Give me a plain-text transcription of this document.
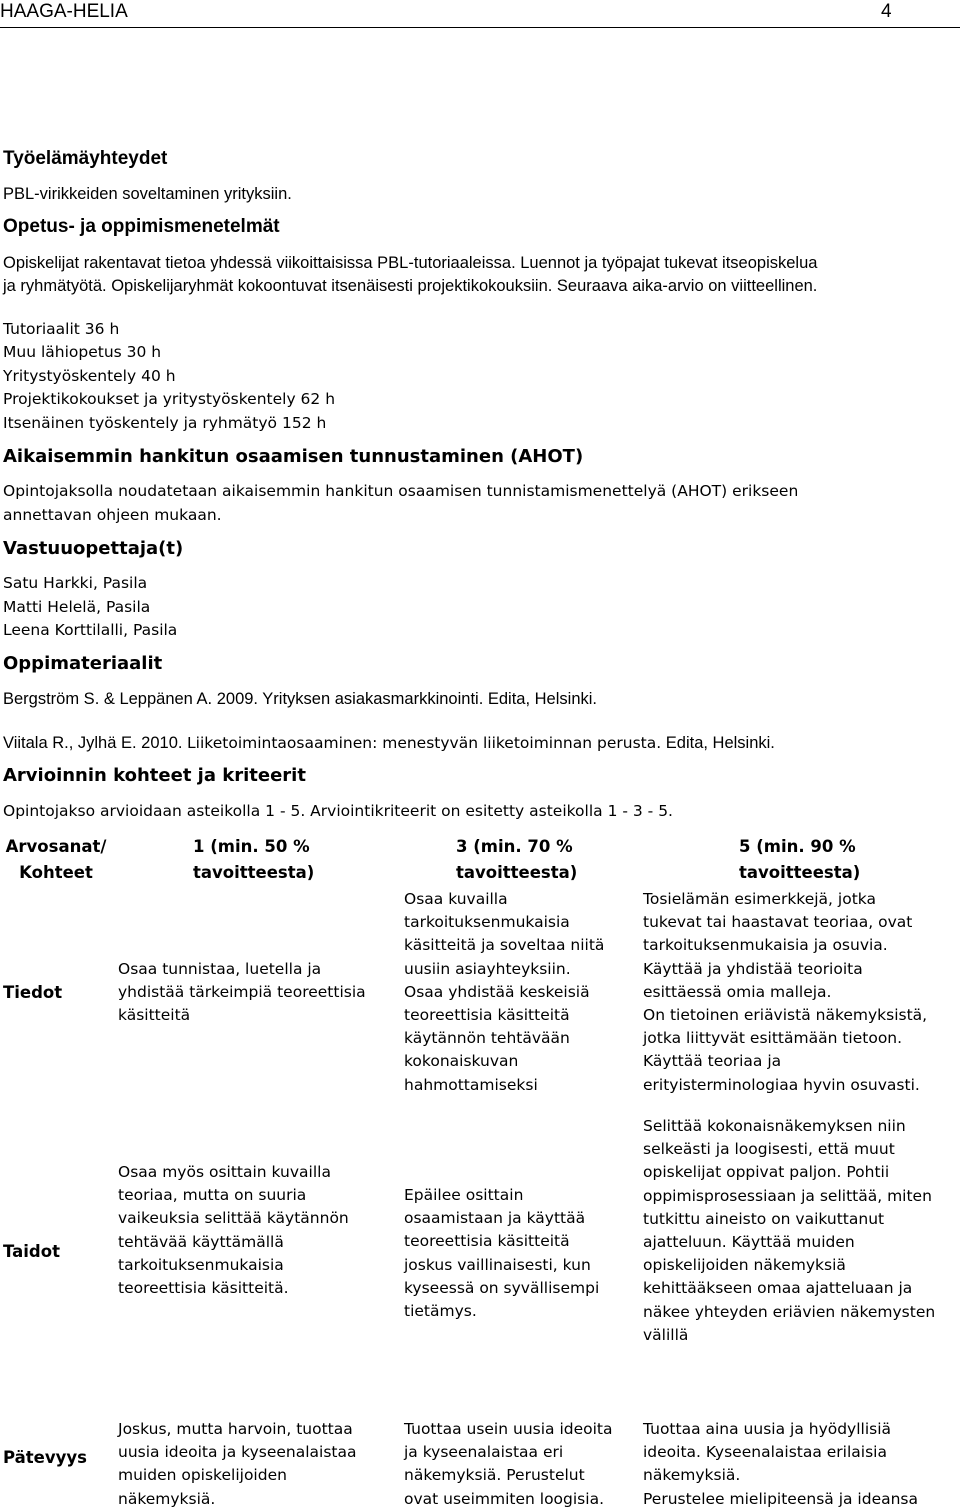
HAAGA-HELIA	4
Työelämäyhteydet
PBL-virikkeiden soveltaminen yrityksiin.
Opetus- ja oppimismenetelmät
Opiskelijat rakentavat tietoa yhdessä viikoittaisissa PBL-tutoriaaleissa. Luennot ja työpajat tukevat itseopiskelua
ja ryhmätyötä. Opiskelijaryhmät kokoontuvat itsenäisesti projektikokouksiin. Seuraava aika-arvio on viitteellinen.
Tutoriaalit 36 h
Muu lähiopetus 30 h
Yritystyöskentely 40 h
Projektikokoukset ja yritystyöskentely 62 h
Itsenäinen työskentely ja ryhmätyö 152 h
Aikaisemmin hankitun osaamisen tunnustaminen (AHOT)
Opintojaksolla noudatetaan aikaisemmin hankitun osaamisen tunnistamismenettelyä (AHOT) erikseen
annettavan ohjeen mukaan.
Vastuuopettaja(t)
Satu Harkki, Pasila
Matti Helelä, Pasila
Leena Korttilalli, Pasila
Oppimateriaalit
Bergström S. & Leppänen A. 2009. Yrityksen asiakasmarkkinointi. Edita, Helsinki.
Viitala R., Jylhä E. 2010. Liiketoimintaosaaminen: menestyvän liiketoiminnan perusta. Edita, Helsinki.
Arvioinnin kohteet ja kriteerit
Opintojakso arvioidaan asteikolla 1 - 5. Arviointikriteerit on esitetty asteikolla 1 - 3 - 5.
Arvosanat/
Kohteet
1 (min. 50 %
tavoitteesta)
3 (min. 70 %
tavoitteesta)
5 (min. 90 %
tavoitteesta)
Tiedot
Osaa tunnistaa, luetella ja
yhdistää tärkeimpiä teoreettisia
käsitteitä
Osaa kuvailla
tarkoituksenmukaisia
käsitteitä ja soveltaa niitä
uusiin asiayhteyksiin.
Osaa yhdistää keskeisiä
teoreettisia käsitteitä
käytännön tehtävään
kokonaiskuvan
hahmottamiseksi
Tosielämän esimerkkejä, jotka
tukevat tai haastavat teoriaa, ovat
tarkoituksenmukaisia ja osuvia.
Käyttää ja yhdistää teorioita
esittäessä omia malleja.
On tietoinen eriävistä näkemyksistä,
jotka liittyvät esittämään tietoon.
Käyttää teoriaa ja
erityisterminologiaa hyvin osuvasti.
Taidot
Osaa myös osittain kuvailla
teoriaa, mutta on suuria
vaikeuksia selittää käytännön
tehtävää käyttämällä
tarkoituksenmukaisia
teoreettisia käsitteitä.
Epäilee osittain
osaamistaan ja käyttää
teoreettisia käsitteitä
joskus vaillinaisesti, kun
kyseessä on syvällisempi
tietämys.
Selittää kokonaisnäkemyksen niin
selkeästi ja loogisesti, että muut
opiskelijat oppivat paljon. Pohtii
oppimisprosessiaan ja selittää, miten
tutkittu aineisto on vaikuttanut
ajatteluun. Käyttää muiden
opiskelijoiden näkemyksiä
kehittääkseen omaa ajatteluaan ja
näkee yhteyden eriävien näkemysten
välillä
Pätevyys
Joskus, mutta harvoin, tuottaa
uusia ideoita ja kyseenalaistaa
muiden opiskelijoiden
näkemyksiä.
Tuottaa usein uusia ideoita
ja kyseenalaistaa eri
näkemyksiä. Perustelut
ovat useimmiten loogisia.
Tuottaa aina uusia ja hyödyllisiä
ideoita. Kyseenalaistaa erilaisia
näkemyksiä.
Perustelee mielipiteensä ja ideansa
